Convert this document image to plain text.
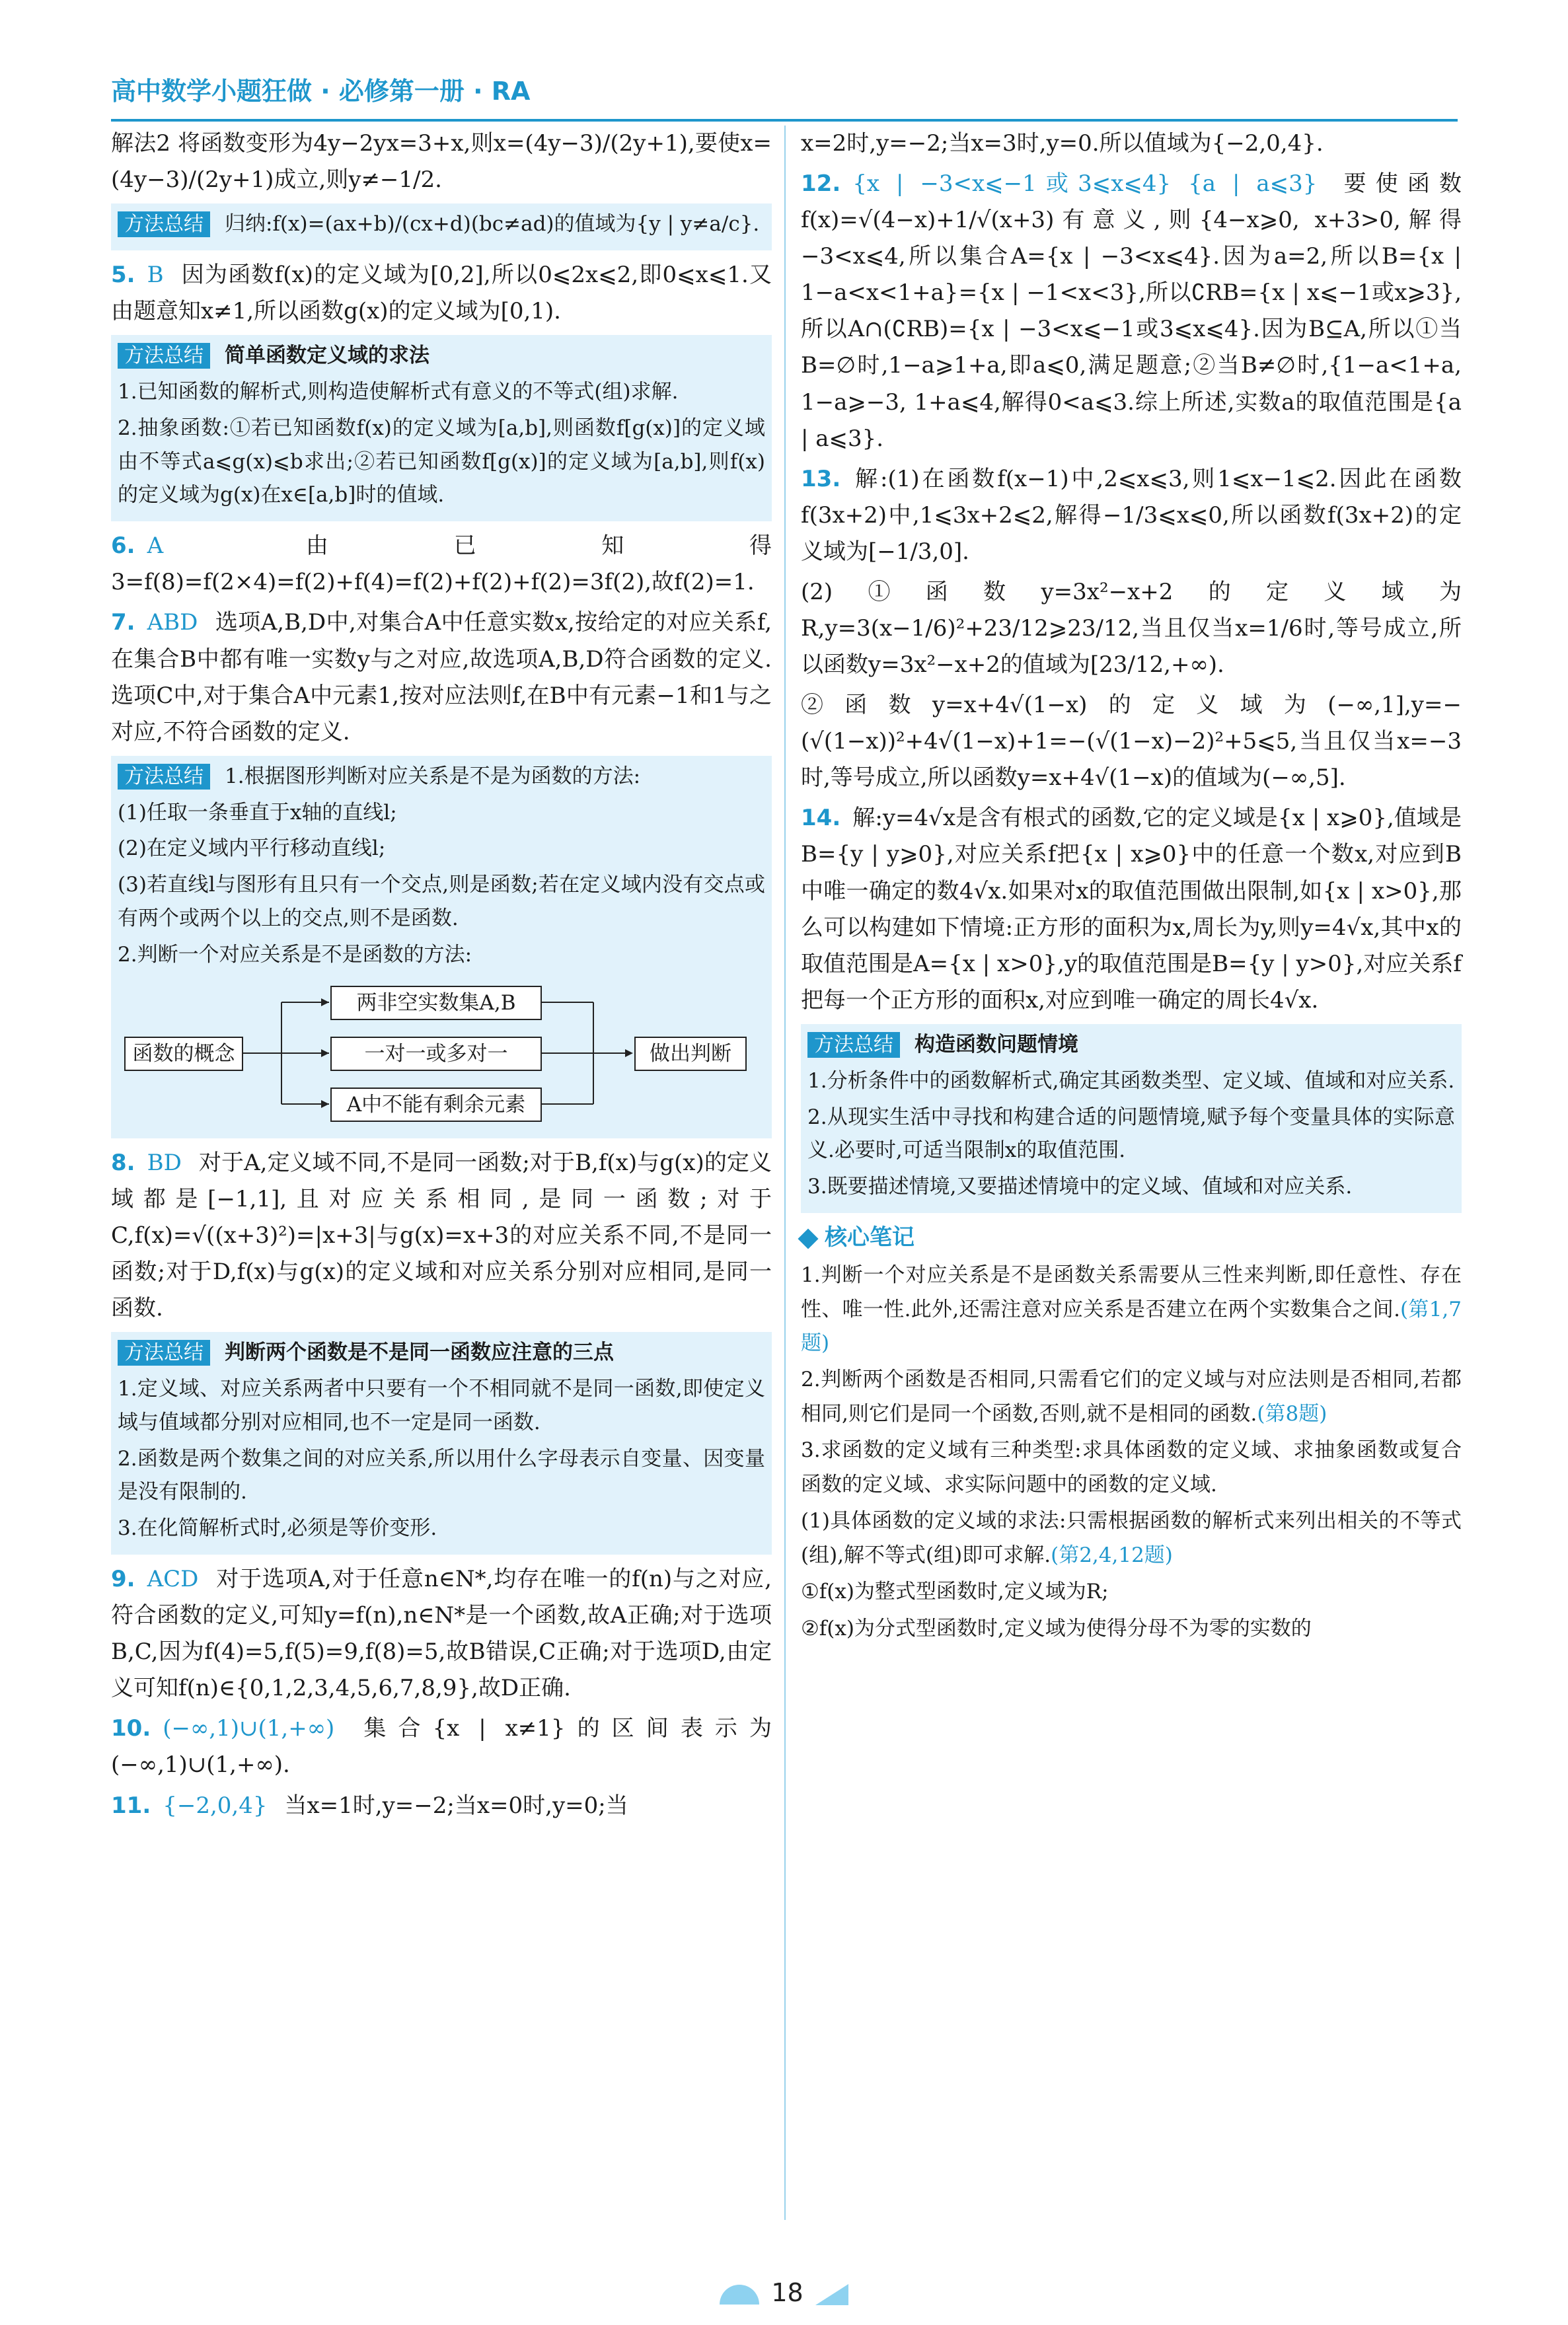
高中数学小题狂做 · 必修第一册 · RA

解法2 将函数变形为4y−2yx=3+x,则x=(4y−3)/(2y+1),要使x=(4y−3)/(2y+1)成立,则y≠−1/2.

方法总结 归纳:f(x)=(ax+b)/(cx+d)(bc≠ad)的值域为{y | y≠a/c}.

5. B 因为函数f(x)的定义域为[0,2],所以0⩽2x⩽2,即0⩽x⩽1.又由题意知x≠1,所以函数g(x)的定义域为[0,1).

方法总结 简单函数定义域的求法

1.已知函数的解析式,则构造使解析式有意义的不等式(组)求解.

2.抽象函数:①若已知函数f(x)的定义域为[a,b],则函数f[g(x)]的定义域由不等式a⩽g(x)⩽b求出;②若已知函数f[g(x)]的定义域为[a,b],则f(x)的定义域为g(x)在x∈[a,b]时的值域.

6. A 由已知得3=f(8)=f(2×4)=f(2)+f(4)=f(2)+f(2)+f(2)=3f(2),故f(2)=1.

7. ABD 选项A,B,D中,对集合A中任意实数x,按给定的对应关系f,在集合B中都有唯一实数y与之对应,故选项A,B,D符合函数的定义.选项C中,对于集合A中元素1,按对应法则f,在B中有元素−1和1与之对应,不符合函数的定义.

方法总结 1.根据图形判断对应关系是不是为函数的方法:

(1)任取一条垂直于x轴的直线l;

(2)在定义域内平行移动直线l;

(3)若直线l与图形有且只有一个交点,则是函数;若在定义域内没有交点或有两个或两个以上的交点,则不是函数.

2.判断一个对应关系是不是函数的方法:

函数的概念
两非空实数集A,B
一对一或多对一
A中不能有剩余元素
做出判断

8. BD 对于A,定义域不同,不是同一函数;对于B,f(x)与g(x)的定义域都是[−1,1],且对应关系相同,是同一函数;对于C,f(x)=√((x+3)²)=|x+3|与g(x)=x+3的对应关系不同,不是同一函数;对于D,f(x)与g(x)的定义域和对应关系分别对应相同,是同一函数.

方法总结 判断两个函数是不是同一函数应注意的三点

1.定义域、对应关系两者中只要有一个不相同就不是同一函数,即使定义域与值域都分别对应相同,也不一定是同一函数.

2.函数是两个数集之间的对应关系,所以用什么字母表示自变量、因变量是没有限制的.

3.在化简解析式时,必须是等价变形.

9. ACD 对于选项A,对于任意n∈N*,均存在唯一的f(n)与之对应,符合函数的定义,可知y=f(n),n∈N*是一个函数,故A正确;对于选项B,C,因为f(4)=5,f(5)=9,f(8)=5,故B错误,C正确;对于选项D,由定义可知f(n)∈{0,1,2,3,4,5,6,7,8,9},故D正确.

10. (−∞,1)∪(1,+∞) 集合{x | x≠1}的区间表示为(−∞,1)∪(1,+∞).

11. {−2,0,4} 当x=1时,y=−2;当x=0时,y=0;当

x=2时,y=−2;当x=3时,y=0.所以值域为{−2,0,4}.

12. {x | −3<x⩽−1或3⩽x⩽4} {a | a⩽3} 要使函数f(x)=√(4−x)+1/√(x+3)有意义,则{4−x⩾0, x+3>0,解得−3<x⩽4,所以集合A={x | −3<x⩽4}.因为a=2,所以B={x | 1−a<x<1+a}={x | −1<x<3},所以∁RB={x | x⩽−1或x⩾3},所以A∩(∁RB)={x | −3<x⩽−1或3⩽x⩽4}.因为B⊆A,所以①当B=∅时,1−a⩾1+a,即a⩽0,满足题意;②当B≠∅时,{1−a<1+a, 1−a⩾−3, 1+a⩽4,解得0<a⩽3.综上所述,实数a的取值范围是{a | a⩽3}.

13. 解:(1)在函数f(x−1)中,2⩽x⩽3,则1⩽x−1⩽2.因此在函数f(3x+2)中,1⩽3x+2⩽2,解得−1/3⩽x⩽0,所以函数f(3x+2)的定义域为[−1/3,0].

(2)①函数y=3x²−x+2的定义域为R,y=3(x−1/6)²+23/12⩾23/12,当且仅当x=1/6时,等号成立,所以函数y=3x²−x+2的值域为[23/12,+∞).

②函数y=x+4√(1−x)的定义域为(−∞,1],y=−(√(1−x))²+4√(1−x)+1=−(√(1−x)−2)²+5⩽5,当且仅当x=−3时,等号成立,所以函数y=x+4√(1−x)的值域为(−∞,5].

14. 解:y=4√x是含有根式的函数,它的定义域是{x | x⩾0},值域是B={y | y⩾0},对应关系f把{x | x⩾0}中的任意一个数x,对应到B中唯一确定的数4√x.如果对x的取值范围做出限制,如{x | x>0},那么可以构建如下情境:正方形的面积为x,周长为y,则y=4√x,其中x的取值范围是A={x | x>0},y的取值范围是B={y | y>0},对应关系f把每一个正方形的面积x,对应到唯一确定的周长4√x.

方法总结 构造函数问题情境

1.分析条件中的函数解析式,确定其函数类型、定义域、值域和对应关系.

2.从现实生活中寻找和构建合适的问题情境,赋予每个变量具体的实际意义.必要时,可适当限制x的取值范围.

3.既要描述情境,又要描述情境中的定义域、值域和对应关系.

核心笔记

1.判断一个对应关系是不是函数关系需要从三性来判断,即任意性、存在性、唯一性.此外,还需注意对应关系是否建立在两个实数集合之间.(第1,7题)

2.判断两个函数是否相同,只需看它们的定义域与对应法则是否相同,若都相同,则它们是同一个函数,否则,就不是相同的函数.(第8题)

3.求函数的定义域有三种类型:求具体函数的定义域、求抽象函数或复合函数的定义域、求实际问题中的函数的定义域.

(1)具体函数的定义域的求法:只需根据函数的解析式来列出相关的不等式(组),解不等式(组)即可求解.(第2,4,12题)

①f(x)为整式型函数时,定义域为R;

②f(x)为分式型函数时,定义域为使得分母不为零的实数的

18
